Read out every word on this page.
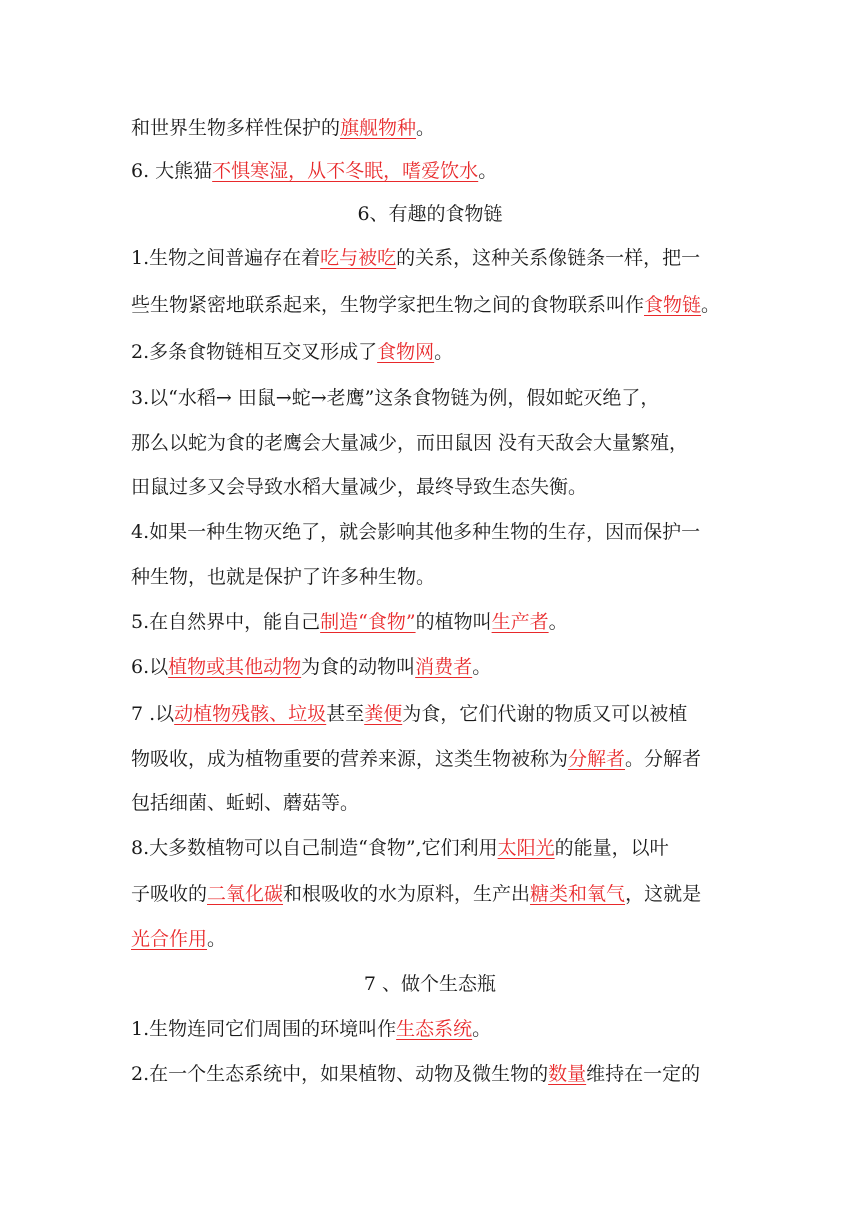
和世界生物多样性保护的旗舰物种。
6. 大熊猫不惧寒湿，从不冬眠，嗜爱饮水。
6、有趣的食物链
1.生物之间普遍存在着吃与被吃的关系，这种关系像链条一样，把一
些生物紧密地联系起来，生物学家把生物之间的食物联系叫作食物链。
2.多条食物链相互交叉形成了食物网。
3.以“水稻→ 田鼠→蛇→老鹰”这条食物链为例，假如蛇灭绝了，
那么以蛇为食的老鹰会大量减少，而田鼠因 没有天敌会大量繁殖，
田鼠过多又会导致水稻大量减少，最终导致生态失衡。
4.如果一种生物灭绝了，就会影响其他多种生物的生存，因而保护一
种生物，也就是保护了许多种生物。
5.在自然界中，能自己制造“食物”的植物叫生产者。
6.以植物或其他动物为食的动物叫消费者。
7 .以动植物残骸、垃圾甚至粪便为食，它们代谢的物质又可以被植
物吸收，成为植物重要的营养来源，这类生物被称为分解者。分解者
包括细菌、蚯蚓、蘑菇等。
8.大多数植物可以自己制造“食物”,它们利用太阳光的能量，以叶
子吸收的二氧化碳和根吸收的水为原料，生产出糖类和氧气，这就是
光合作用。
7 、做个生态瓶
1.生物连同它们周围的环境叫作生态系统。
2.在一个生态系统中，如果植物、动物及微生物的数量维持在一定的
